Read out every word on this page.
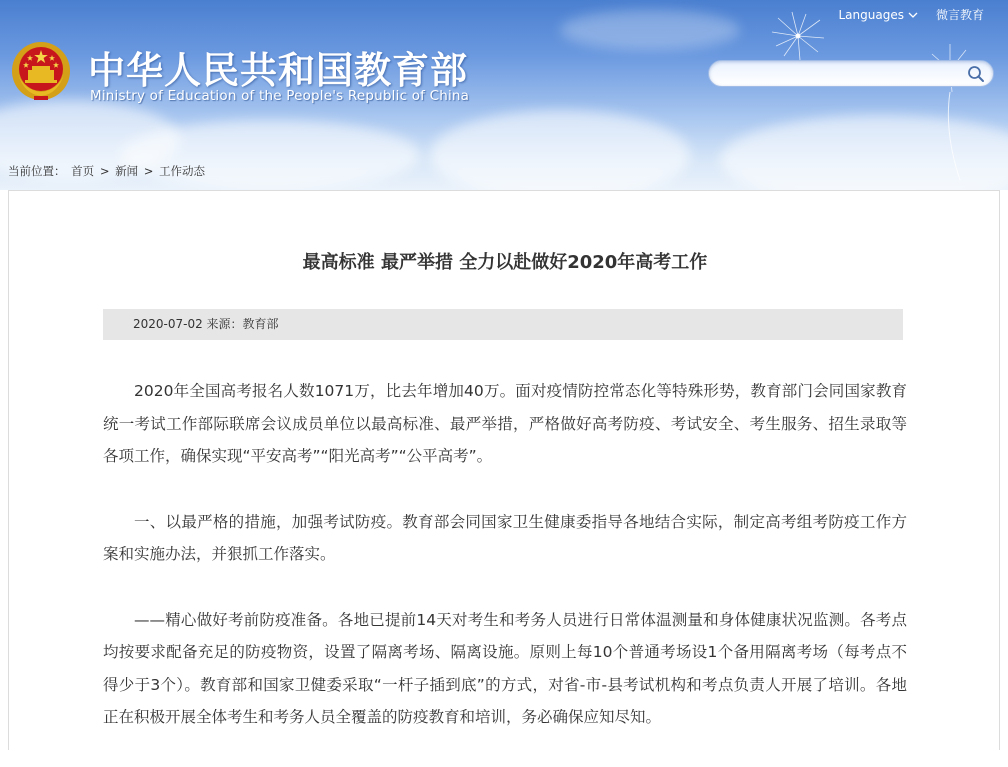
Languages	微言教育
中华人民共和国教育部
Ministry of Education of the People's Republic of China
当前位置： 首页 > 新闻 > 工作动态
最高标准 最严举措 全力以赴做好2020年高考工作
2020-07-02 来源：教育部

2020年全国高考报名人数1071万，比去年增加40万。面对疫情防控常态化等特殊形势，教育部门会同国家教育统一考试工作部际联席会议成员单位以最高标准、最严举措，严格做好高考防疫、考试安全、考生服务、招生录取等各项工作，确保实现“平安高考”“阳光高考”“公平高考”。

一、以最严格的措施，加强考试防疫。教育部会同国家卫生健康委指导各地结合实际，制定高考组考防疫工作方案和实施办法，并狠抓工作落实。

——精心做好考前防疫准备。各地已提前14天对考生和考务人员进行日常体温测量和身体健康状况监测。各考点均按要求配备充足的防疫物资，设置了隔离考场、隔离设施。原则上每10个普通考场设1个备用隔离考场（每考点不得少于3个）。教育部和国家卫健委采取“一杆子插到底”的方式，对省-市-县考试机构和考点负责人开展了培训。各地正在积极开展全体考生和考务人员全覆盖的防疫教育和培训，务必确保应知尽知。
